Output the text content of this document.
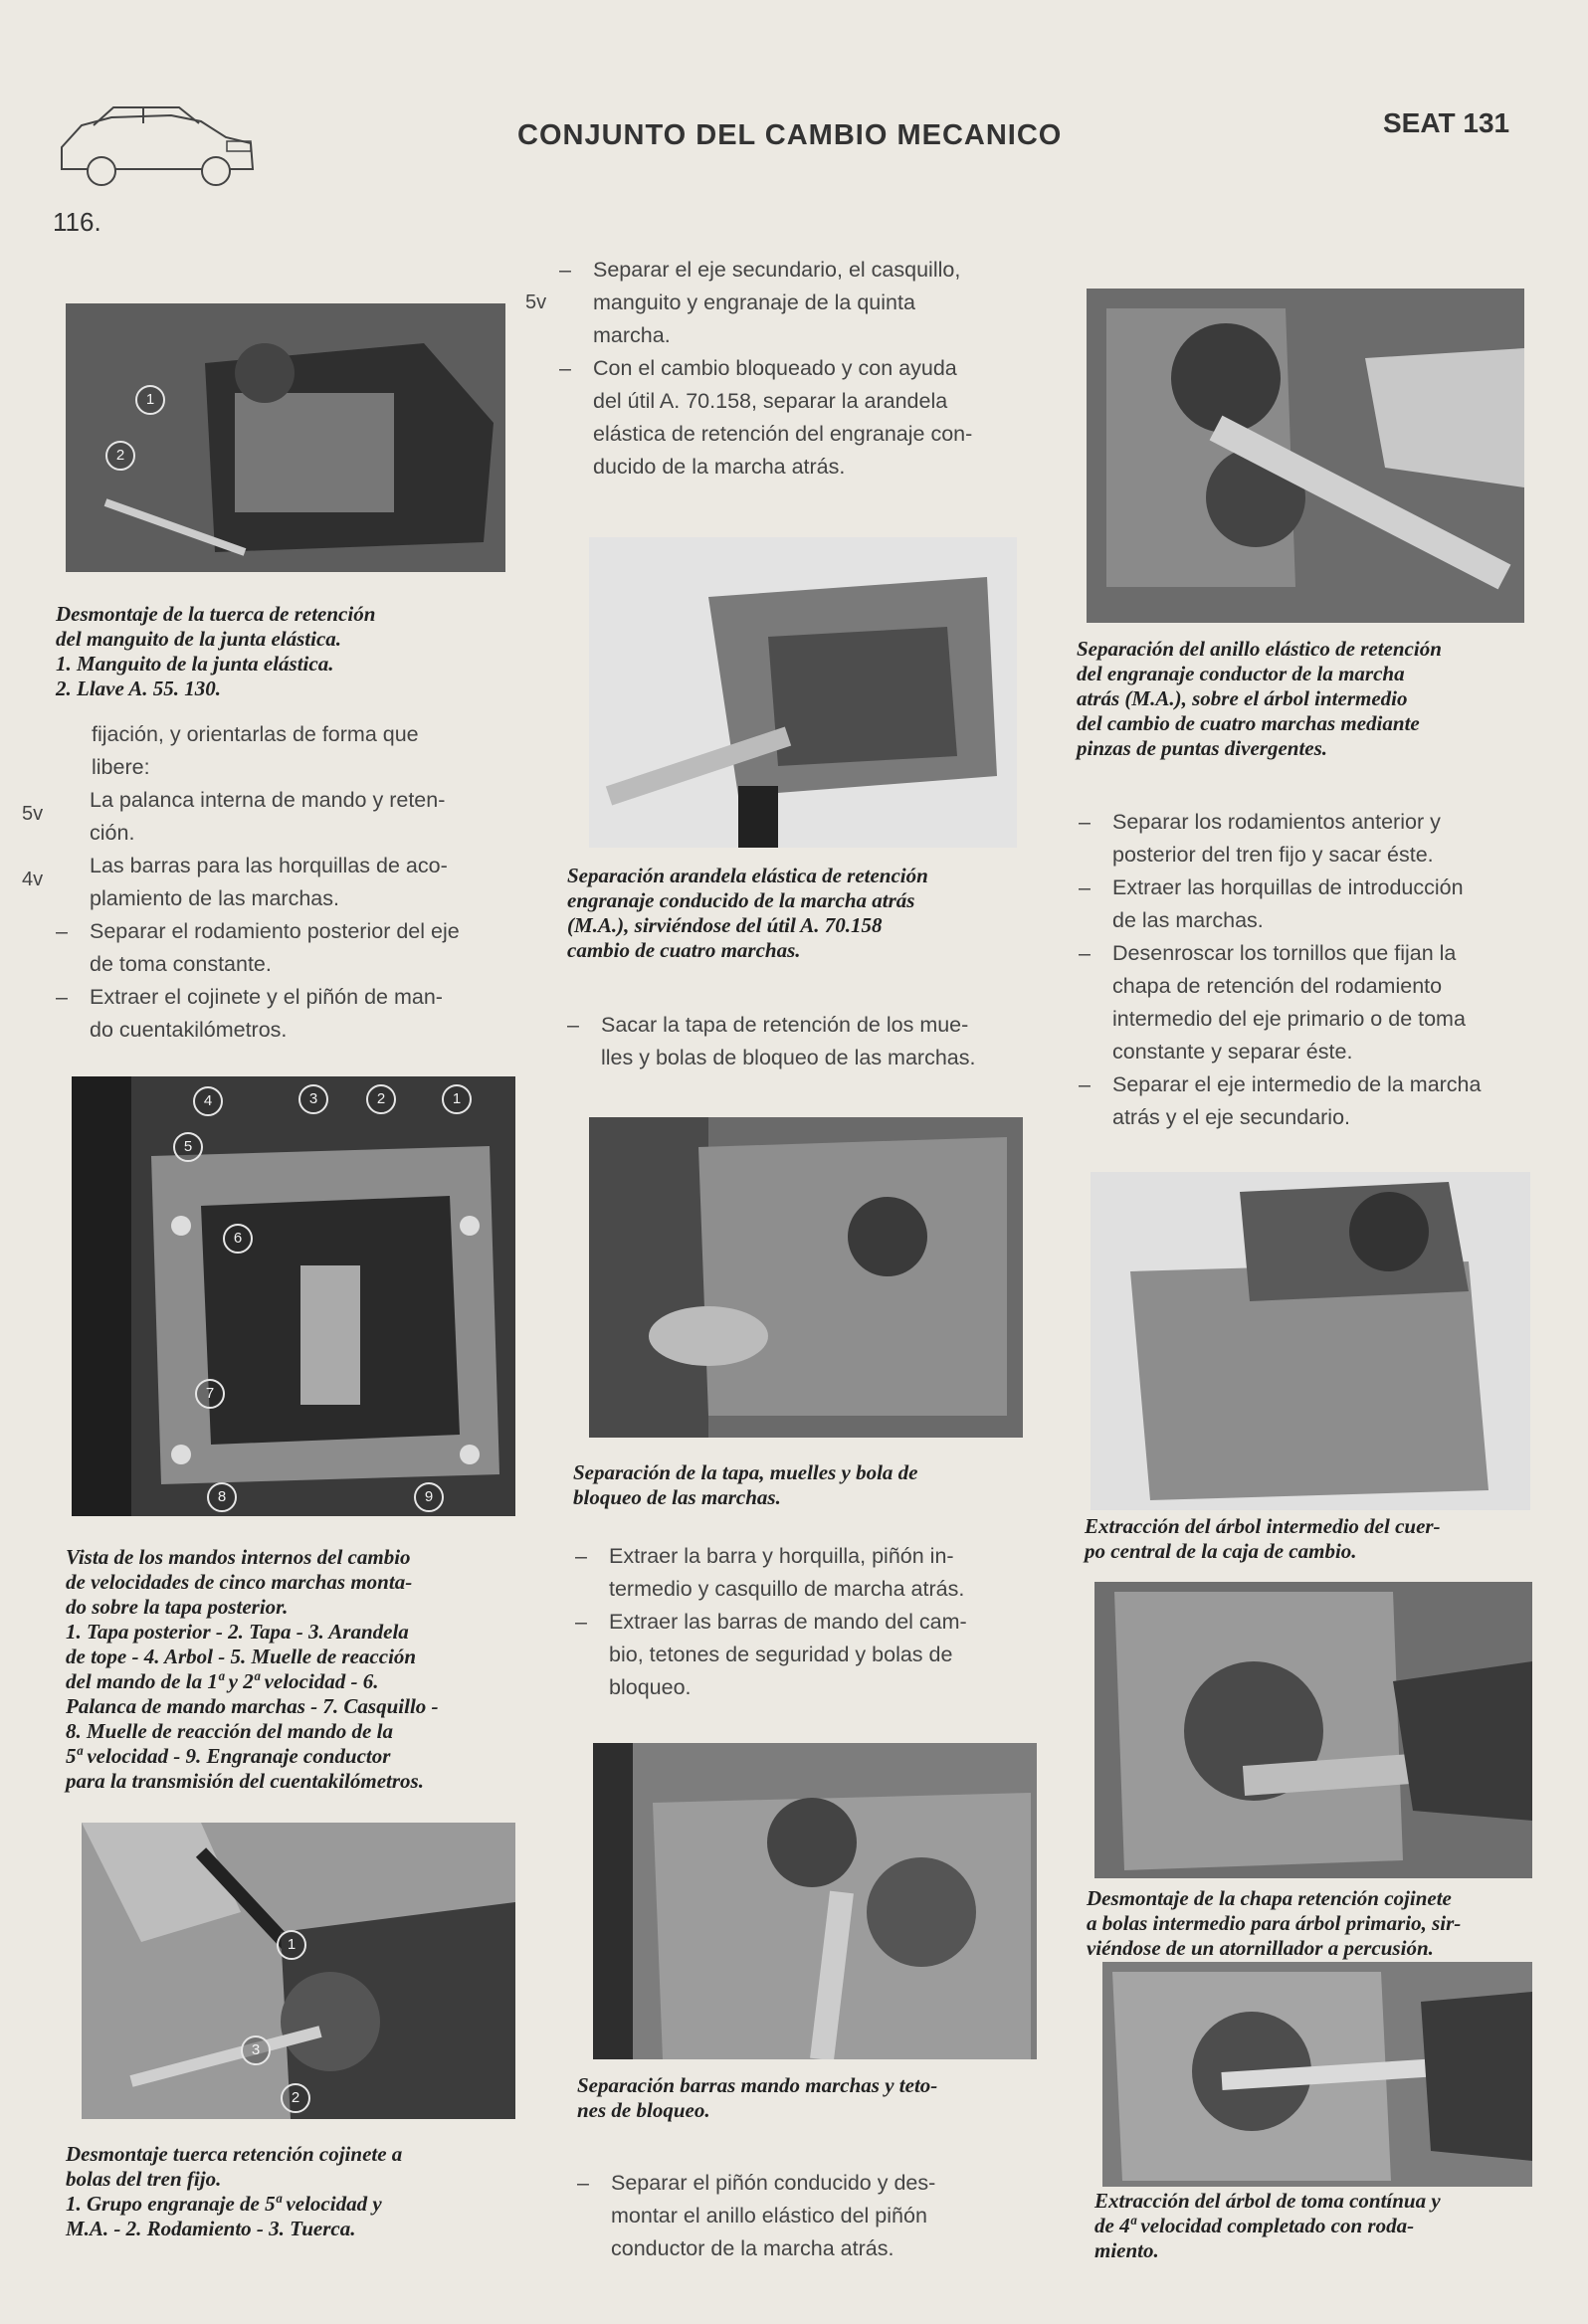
116.
CONJUNTO DEL CAMBIO MECANICO	SEAT 131
1
2
Desmontaje de la tuerca de retención
del manguito de la junta elástica.
1. Manguito de la junta elástica.
2. Llave A. 55. 130.
fijación, y orientarlas de forma que
libere:
5v
La palanca interna de mando y reten-
ción.
4v
Las barras para las horquillas de aco-
plamiento de las marchas.
– Separar el rodamiento posterior del eje
de toma constante.
– Extraer el cojinete y el piñón de man-
do cuentakilómetros.
4	3	2	1
5
6
7
8	9
Vista de los mandos internos del cambio
de velocidades de cinco marchas monta-
do sobre la tapa posterior.
1. Tapa posterior - 2. Tapa - 3. Arandela
de tope - 4. Arbol - 5. Muelle de reacción
del mando de la 1ª y 2ª velocidad - 6.
Palanca de mando marchas - 7. Casquillo -
8. Muelle de reacción del mando de la
5ª velocidad - 9. Engranaje conductor
para la transmisión del cuentakilómetros.
1
3
2
Desmontaje tuerca retención cojinete a
bolas del tren fijo.
1. Grupo engranaje de 5ª velocidad y
M.A. - 2. Rodamiento - 3. Tuerca.
– Separar el eje secundario, el casquillo,
5v manguito y engranaje de la quinta
marcha.
– Con el cambio bloqueado y con ayuda
del útil A. 70.158, separar la arandela
elástica de retención del engranaje con-
ducido de la marcha atrás.
Separación arandela elástica de retención
engranaje conducido de la marcha atrás
(M.A.), sirviéndose del útil A. 70.158
cambio de cuatro marchas.
– Sacar la tapa de retención de los mue-
lles y bolas de bloqueo de las marchas.
Separación de la tapa, muelles y bola de
bloqueo de las marchas.
– Extraer la barra y horquilla, piñón in-
termedio y casquillo de marcha atrás.
– Extraer las barras de mando del cam-
bio, tetones de seguridad y bolas de
bloqueo.
Separación barras mando marchas y teto-
nes de bloqueo.
– Separar el piñón conducido y des-
montar el anillo elástico del piñón
conductor de la marcha atrás.
Separación del anillo elástico de retención
del engranaje conductor de la marcha
atrás (M.A.), sobre el árbol intermedio
del cambio de cuatro marchas mediante
pinzas de puntas divergentes.
– Separar los rodamientos anterior y
posterior del tren fijo y sacar éste.
– Extraer las horquillas de introducción
de las marchas.
– Desenroscar los tornillos que fijan la
chapa de retención del rodamiento
intermedio del eje primario o de toma
constante y separar éste.
– Separar el eje intermedio de la marcha
atrás y el eje secundario.
Extracción del árbol intermedio del cuer-
po central de la caja de cambio.
Desmontaje de la chapa retención cojinete
a bolas intermedio para árbol primario, sir-
viéndose de un atornillador a percusión.
Extracción del árbol de toma contínua y
de 4ª velocidad completado con roda-
miento.
